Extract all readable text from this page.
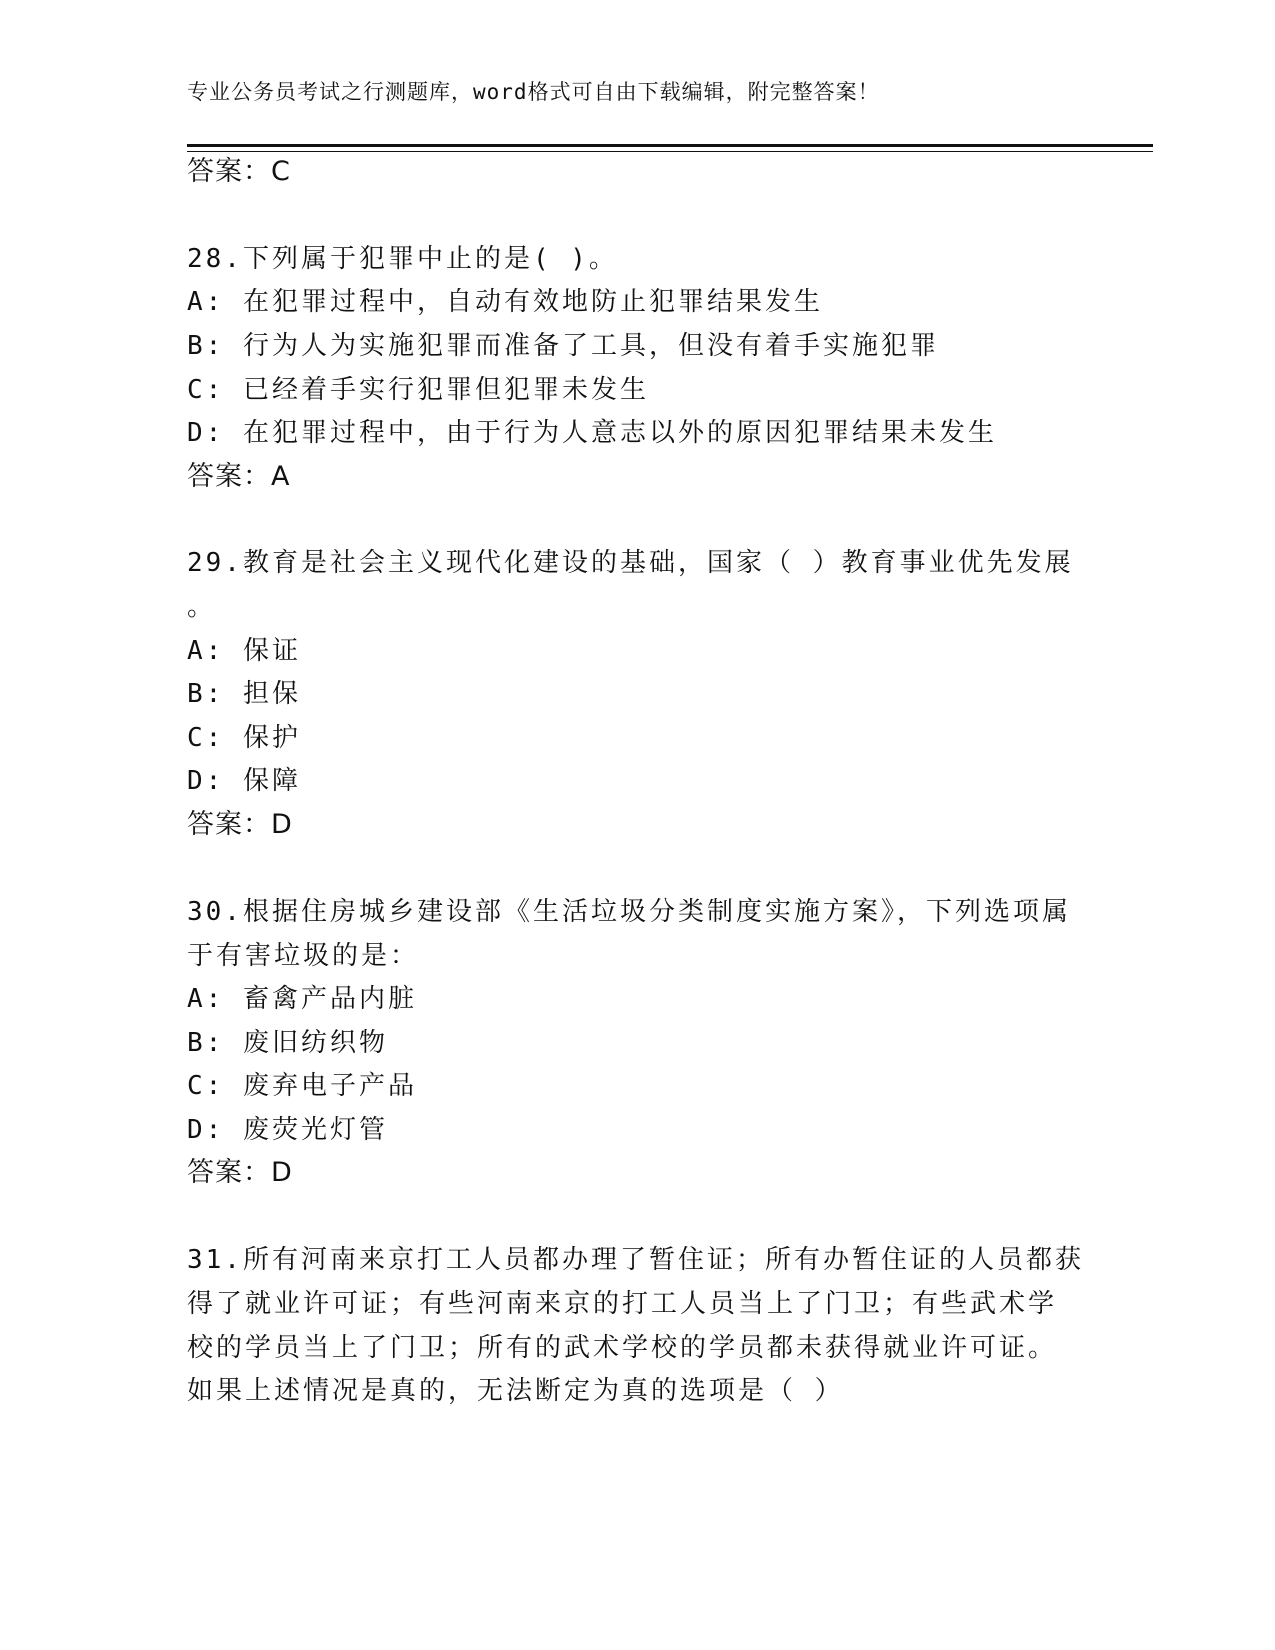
专业公务员考试之行测题库，word格式可自由下载编辑，附完整答案！
答案：C
28.下列属于犯罪中止的是( )。
A: 在犯罪过程中，自动有效地防止犯罪结果发生
B: 行为人为实施犯罪而准备了工具，但没有着手实施犯罪
C: 已经着手实行犯罪但犯罪未发生
D: 在犯罪过程中，由于行为人意志以外的原因犯罪结果未发生
答案：A
29.教育是社会主义现代化建设的基础，国家（ ）教育事业优先发展
。
A: 保证
B: 担保
C: 保护
D: 保障
答案：D
30.根据住房城乡建设部《生活垃圾分类制度实施方案》，下列选项属
于有害垃圾的是：
A: 畜禽产品内脏
B: 废旧纺织物
C: 废弃电子产品
D: 废荧光灯管
答案：D
31.所有河南来京打工人员都办理了暂住证；所有办暂住证的人员都获
得了就业许可证；有些河南来京的打工人员当上了门卫；有些武术学
校的学员当上了门卫；所有的武术学校的学员都未获得就业许可证。
如果上述情况是真的，无法断定为真的选项是（ ）
